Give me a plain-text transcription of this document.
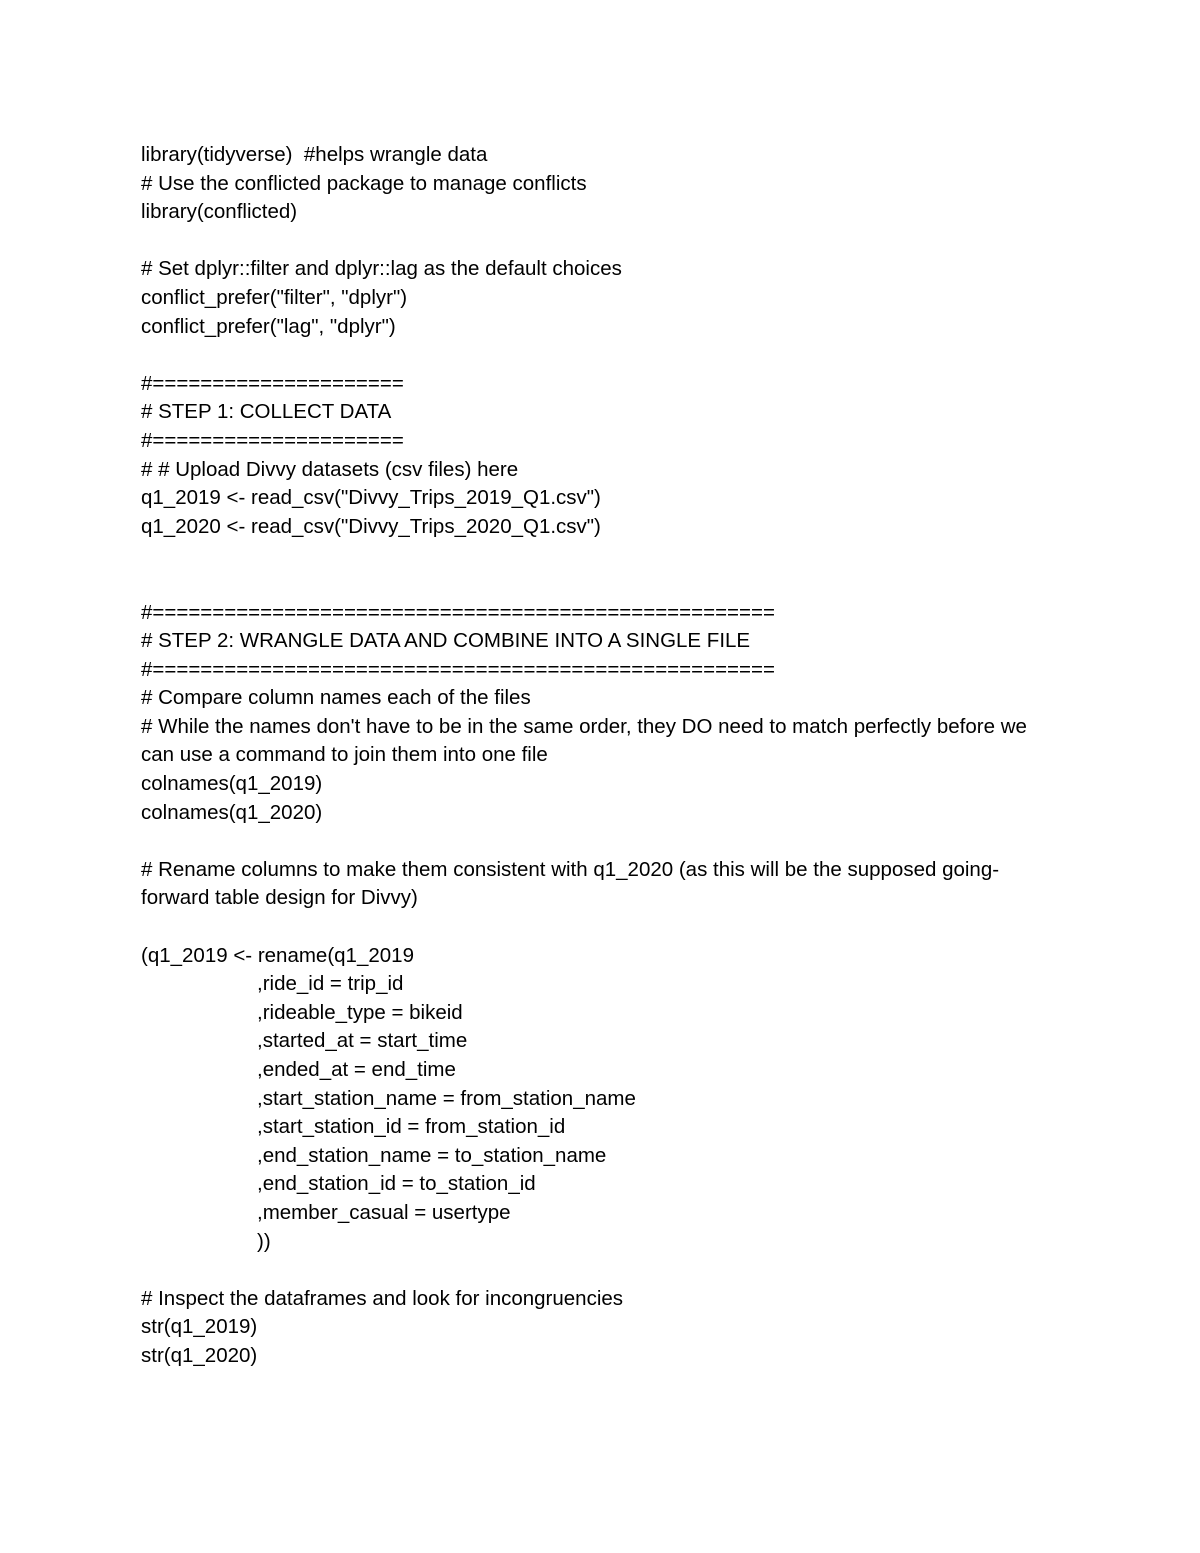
library(tidyverse)  #helps wrangle data
# Use the conflicted package to manage conflicts
library(conflicted)
# Set dplyr::filter and dplyr::lag as the default choices
conflict_prefer("filter", "dplyr")
conflict_prefer("lag", "dplyr")
#=====================
# STEP 1: COLLECT DATA
#=====================
# # Upload Divvy datasets (csv files) here
q1_2019 <- read_csv("Divvy_Trips_2019_Q1.csv")
q1_2020 <- read_csv("Divvy_Trips_2020_Q1.csv")
#====================================================
# STEP 2: WRANGLE DATA AND COMBINE INTO A SINGLE FILE
#====================================================
# Compare column names each of the files
# While the names don't have to be in the same order, they DO need to match perfectly before we can use a command to join them into one file
colnames(q1_2019)
colnames(q1_2020)
# Rename columns to make them consistent with q1_2020 (as this will be the supposed going-forward table design for Divvy)
(q1_2019 <- rename(q1_2019
,ride_id = trip_id
,rideable_type = bikeid
,started_at = start_time
,ended_at = end_time
,start_station_name = from_station_name
,start_station_id = from_station_id
,end_station_name = to_station_name
,end_station_id = to_station_id
,member_casual = usertype
))
# Inspect the dataframes and look for incongruencies
str(q1_2019)
str(q1_2020)
